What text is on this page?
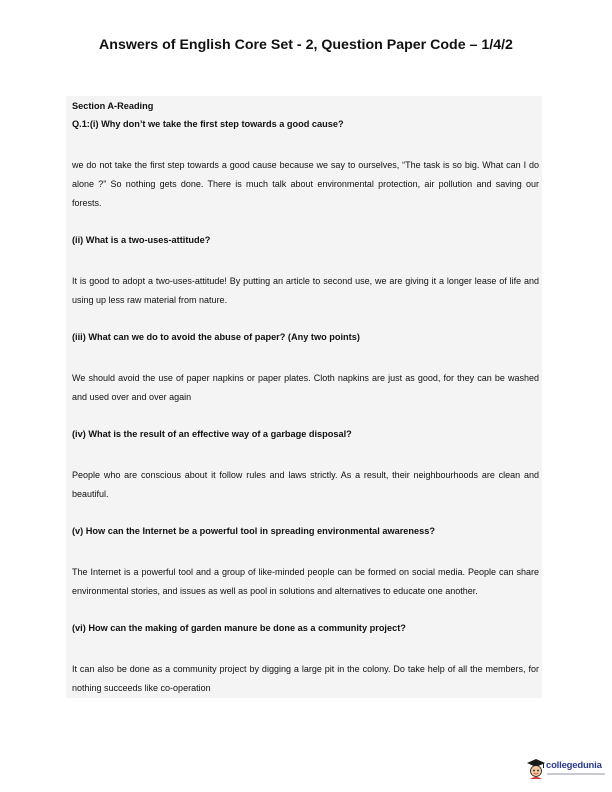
Answers of English Core Set - 2, Question Paper Code – 1/4/2

Section A-Reading

Q.1:(i) Why don’t we take the first step towards a good cause?

we do not take the first step towards a good cause because we say to ourselves, “The task is so big. What can I do alone ?” So nothing gets done. There is much talk about environmental protection, air pollution and saving our forests.

(ii) What is a two-uses-attitude?

It is good to adopt a two-uses-attitude! By putting an article to second use, we are giving it a longer lease of life and using up less raw material from nature.

(iii) What can we do to avoid the abuse of paper? (Any two points)

We should avoid the use of paper napkins or paper plates. Cloth napkins are just as good, for they can be washed and used over and over again

(iv) What is the result of an effective way of a garbage disposal?

People who are conscious about it follow rules and laws strictly. As a result, their neighbourhoods are clean and beautiful.

(v) How can the Internet be a powerful tool in spreading environmental awareness?

The Internet is a powerful tool and a group of like-minded people can be formed on social media. People can share environmental stories, and issues as well as pool in solutions and alternatives to educate one another.

(vi) How can the making of garden manure be done as a community project?

It can also be done as a community project by digging a large pit in the colony. Do take help of all the members, for nothing succeeds like co-operation

collegedunia
